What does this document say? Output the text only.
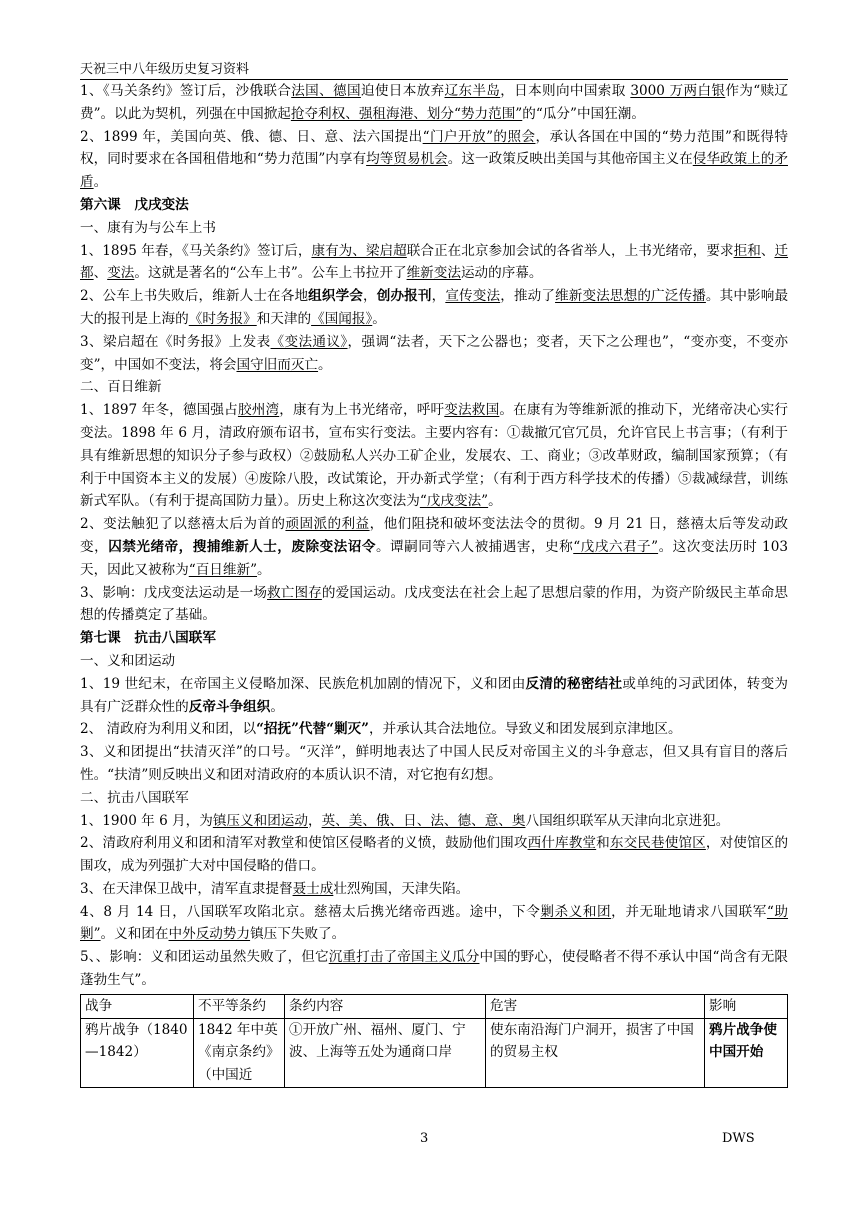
天祝三中八年级历史复习资料

1、《马关条约》签订后，沙俄联合法国、德国迫使日本放弃辽东半岛，日本则向中国索取 3000 万两白银作为“赎辽费”。以此为契机，列强在中国掀起抢夺利权、强租海港、划分“势力范围”的“瓜分”中国狂潮。

2、1899 年，美国向英、俄、德、日、意、法六国提出“门户开放”的照会，承认各国在中国的“势力范围”和既得特权，同时要求在各国租借地和“势力范围”内享有均等贸易机会。这一政策反映出美国与其他帝国主义在侵华政策上的矛盾。

第六课　戊戌变法

一、康有为与公车上书

1、1895 年春，《马关条约》签订后，康有为、梁启超联合正在北京参加会试的各省举人，上书光绪帝，要求拒和、迁都、变法。这就是著名的“公车上书”。公车上书拉开了维新变法运动的序幕。

2、公车上书失败后，维新人士在各地组织学会，创办报刊，宣传变法，推动了维新变法思想的广泛传播。其中影响最大的报刊是上海的《时务报》和天津的《国闻报》。

3、梁启超在《时务报》上发表《变法通议》，强调“法者，天下之公器也；变者，天下之公理也”，“变亦变，不变亦变”，中国如不变法，将会国守旧而灭亡。

二、百日维新

1、1897 年冬，德国强占胶州湾，康有为上书光绪帝，呼吁变法救国。在康有为等维新派的推动下，光绪帝决心实行变法。1898 年 6 月，清政府颁布诏书，宣布实行变法。主要内容有：①裁撤冗官冗员，允许官民上书言事；（有利于具有维新思想的知识分子参与政权）②鼓励私人兴办工矿企业，发展农、工、商业；③改革财政，编制国家预算；（有利于中国资本主义的发展）④废除八股，改试策论，开办新式学堂；（有利于西方科学技术的传播）⑤裁减绿营，训练新式军队。（有利于提高国防力量）。历史上称这次变法为“戊戌变法”。

2、变法触犯了以慈禧太后为首的顽固派的利益，他们阻挠和破坏变法法令的贯彻。9 月 21 日，慈禧太后等发动政变，囚禁光绪帝，搜捕维新人士，废除变法诏令。谭嗣同等六人被捕遇害，史称“戊戌六君子”。这次变法历时 103 天，因此又被称为“百日维新”。

3、影响：戊戌变法运动是一场救亡图存的爱国运动。戊戌变法在社会上起了思想启蒙的作用，为资产阶级民主革命思想的传播奠定了基础。

第七课　抗击八国联军

一、义和团运动

1、19 世纪末，在帝国主义侵略加深、民族危机加剧的情况下，义和团由反清的秘密结社或单纯的习武团体，转变为具有广泛群众性的反帝斗争组织。

2、 清政府为利用义和团，以“招抚”代替“剿灭”，并承认其合法地位。导致义和团发展到京津地区。

3、义和团提出“扶清灭洋”的口号。“灭洋”，鲜明地表达了中国人民反对帝国主义的斗争意志，但又具有盲目的落后性。“扶清”则反映出义和团对清政府的本质认识不清，对它抱有幻想。

二、抗击八国联军

1、1900 年 6 月，为镇压义和团运动，英、美、俄、日、法、德、意、奥八国组织联军从天津向北京进犯。

2、清政府利用义和团和清军对教堂和使馆区侵略者的义愤，鼓励他们围攻西什库教堂和东交民巷使馆区，对使馆区的围攻，成为列强扩大对中国侵略的借口。

3、在天津保卫战中，清军直隶提督聂士成壮烈殉国，天津失陷。

4、8 月 14 日，八国联军攻陷北京。慈禧太后携光绪帝西逃。途中，下令剿杀义和团，并无耻地请求八国联军“助剿”。义和团在中外反动势力镇压下失败了。

5、、影响：义和团运动虽然失败了，但它沉重打击了帝国主义瓜分中国的野心，使侵略者不得不承认中国“尚含有无限蓬勃生气”。

战争	不平等条约	条约内容	危害	影响
鸦片战争（1840—1842）	1842 年中英《南京条约》（中国近	①开放广州、福州、厦门、宁波、上海等五处为通商口岸	使东南沿海门户洞开，损害了中国的贸易主权	鸦片战争使中国开始
3	DWS
